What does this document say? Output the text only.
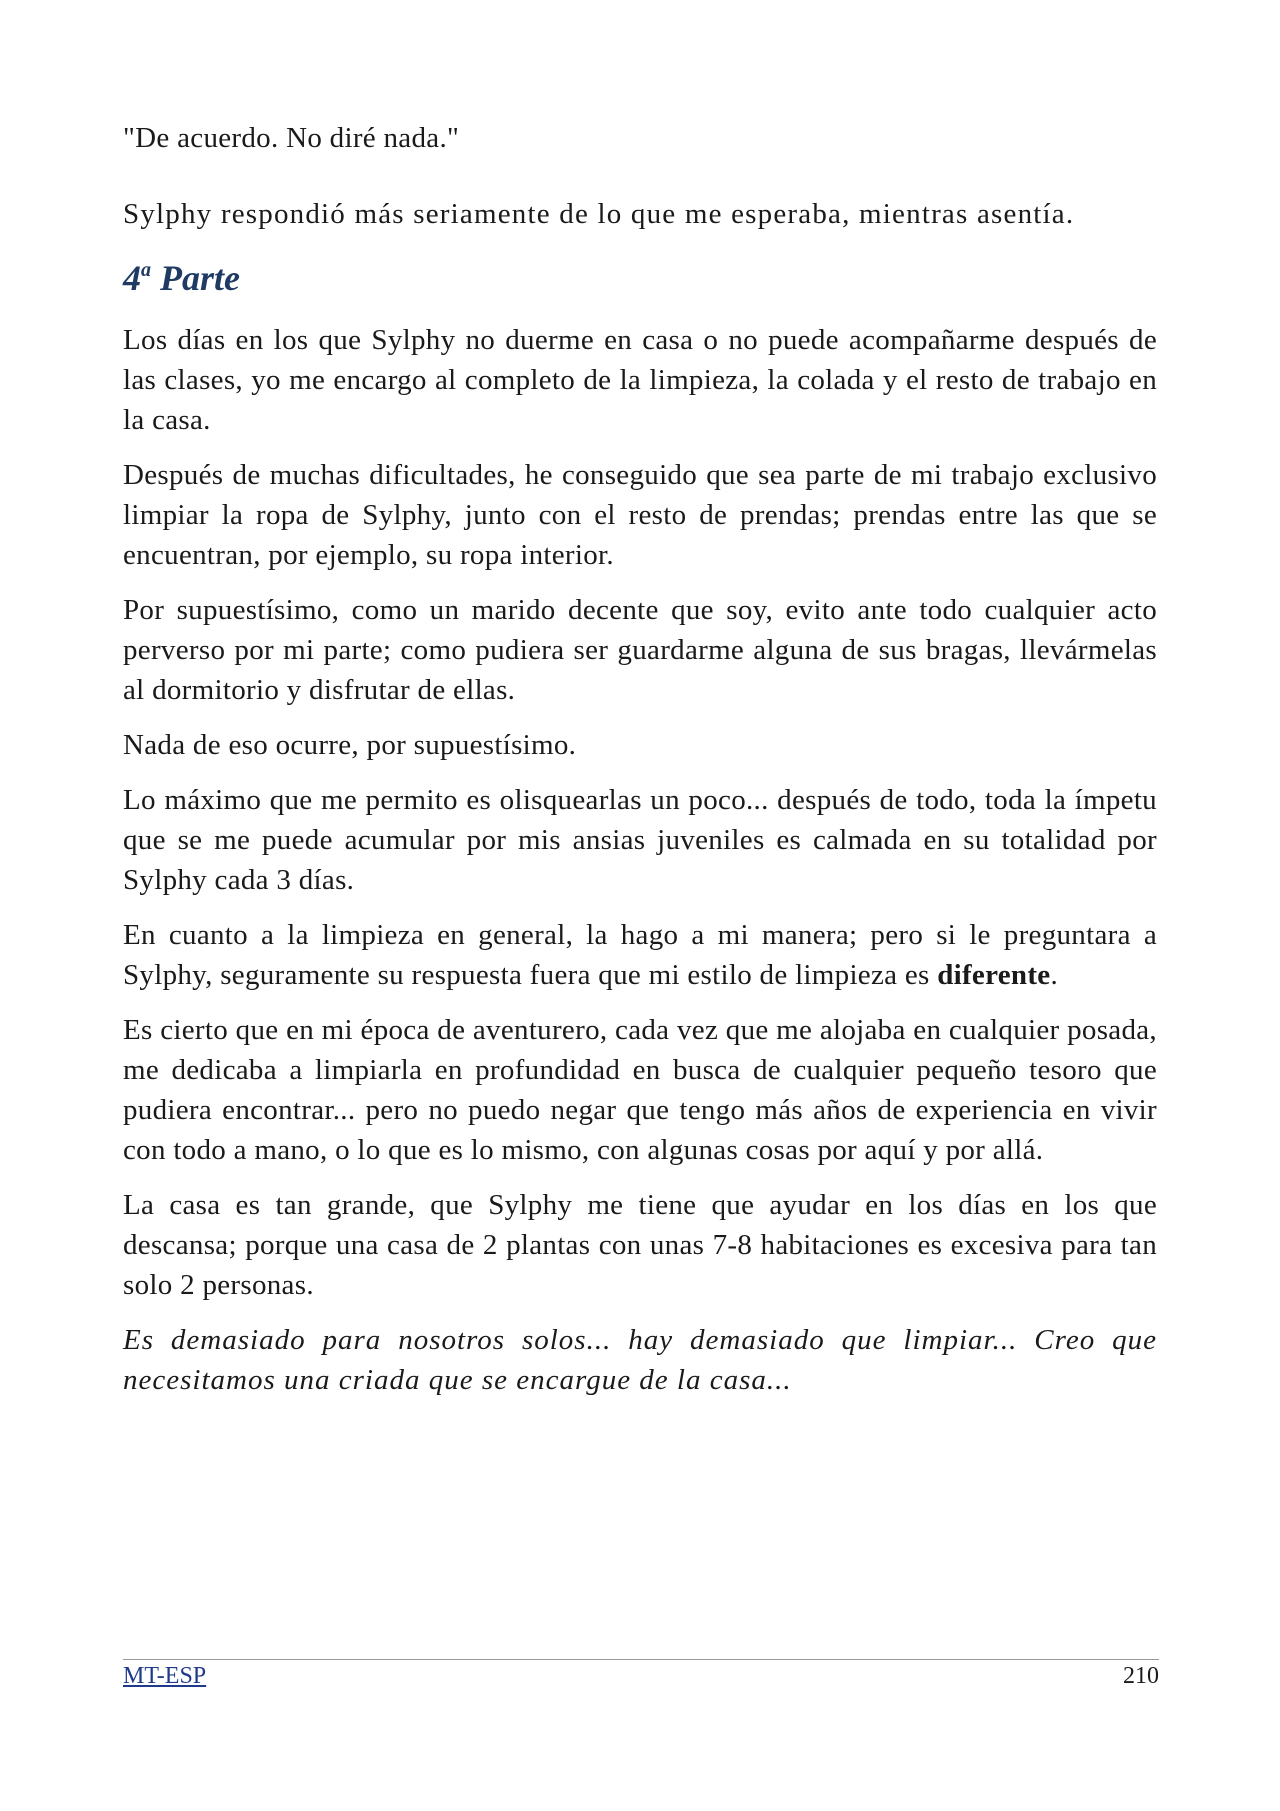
"De acuerdo. No diré nada."

Sylphy respondió más seriamente de lo que me esperaba, mientras asentía.

4$^a$ Parte

Los días en los que Sylphy no duerme en casa o no puede acompañarme después de las clases, yo me encargo al completo de la limpieza, la colada y el resto de trabajo en la casa.

Después de muchas dificultades, he conseguido que sea parte de mi trabajo exclusivo limpiar la ropa de Sylphy, junto con el resto de prendas; prendas entre las que se encuentran, por ejemplo, su ropa interior.

Por supuestísimo, como un marido decente que soy, evito ante todo cualquier acto perverso por mi parte; como pudiera ser guardarme alguna de sus bragas, llevármelas al dormitorio y disfrutar de ellas.

Nada de eso ocurre, por supuestísimo.

Lo máximo que me permito es olisquearlas un poco... después de todo, toda la ímpetu que se me puede acumular por mis ansias juveniles es calmada en su totalidad por Sylphy cada 3 días.

En cuanto a la limpieza en general, la hago a mi manera; pero si le preguntara a Sylphy, seguramente su respuesta fuera que mi estilo de limpieza es diferente.

Es cierto que en mi época de aventurero, cada vez que me alojaba en cualquier posada, me dedicaba a limpiarla en profundidad en busca de cualquier pequeño tesoro que pudiera encontrar... pero no puedo negar que tengo más años de experiencia en vivir con todo a mano, o lo que es lo mismo, con algunas cosas por aquí y por allá.

La casa es tan grande, que Sylphy me tiene que ayudar en los días en los que descansa; porque una casa de 2 plantas con unas 7-8 habitaciones es excesiva para tan solo 2 personas.

Es demasiado para nosotros solos... hay demasiado que limpiar... Creo que necesitamos una criada que se encargue de la casa...

MT-ESP	210
